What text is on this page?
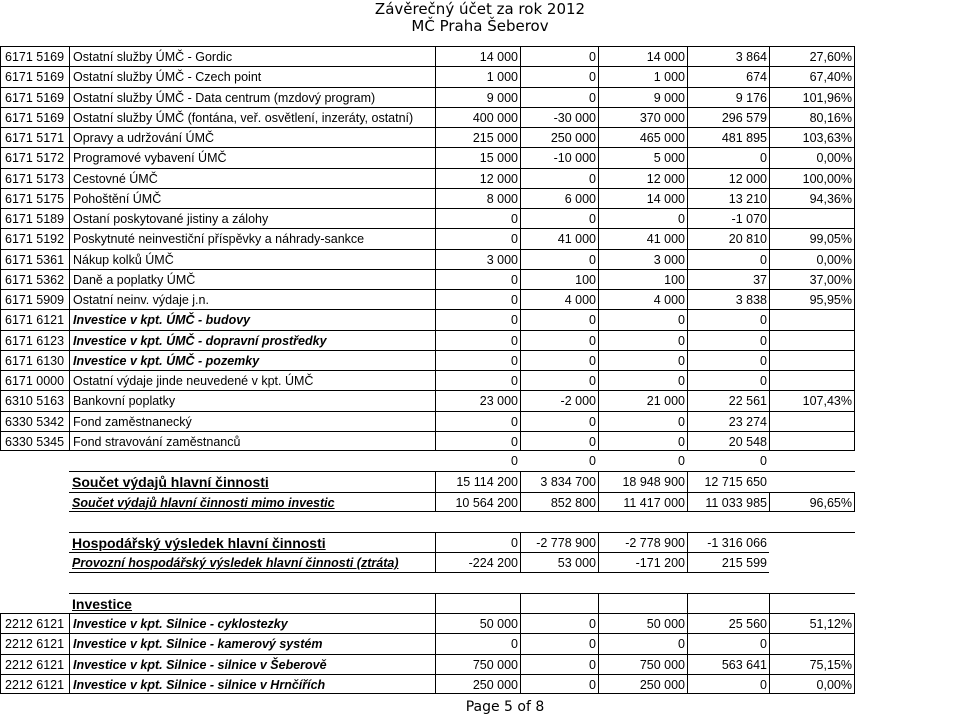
Závěrečný účet za rok 2012
MČ Praha Šeberov
6171 5169 Ostatní služby ÚMČ - Gordic	14 000	0	14 000	3 864	27,60%
6171 5169 Ostatní služby ÚMČ - Czech point	1 000	0	1 000	674	67,40%
6171 5169 Ostatní služby ÚMČ - Data centrum (mzdový program)	9 000	0	9 000	9 176	101,96%
6171 5169 Ostatní služby ÚMČ (fontána, veř. osvětlení, inzeráty, ostatní)	400 000	-30 000	370 000	296 579	80,16%
6171 5171 Opravy a udržování ÚMČ	215 000	250 000	465 000	481 895	103,63%
6171 5172 Programové vybavení ÚMČ	15 000	-10 000	5 000	0	0,00%
6171 5173 Cestovné ÚMČ	12 000	0	12 000	12 000	100,00%
6171 5175 Pohoštění ÚMČ	8 000	6 000	14 000	13 210	94,36%
6171 5189 Ostaní poskytované jistiny a zálohy	0	0	0	-1 070
6171 5192 Poskytnuté neinvestiční příspěvky a náhrady-sankce	0	41 000	41 000	20 810	99,05%
6171 5361 Nákup kolků ÚMČ	3 000	0	3 000	0	0,00%
6171 5362 Daně a poplatky ÚMČ	0	100	100	37	37,00%
6171 5909 Ostatní neinv. výdaje j.n.	0	4 000	4 000	3 838	95,95%
6171 6121 Investice v kpt. ÚMČ - budovy	0	0	0	0
6171 6123 Investice v kpt. ÚMČ - dopravní prostředky	0	0	0	0
6171 6130 Investice v kpt. ÚMČ - pozemky	0	0	0	0
6171 0000 Ostatní výdaje jinde neuvedené v kpt. ÚMČ	0	0	0	0
6310 5163 Bankovní poplatky	23 000	-2 000	21 000	22 561	107,43%
6330 5342 Fond zaměstnanecký	0	0	0	23 274
6330 5345 Fond stravování zaměstnanců	0	0	0	20 548
0	0	0	0
Součet výdajů hlavní činnosti	15 114 200	3 834 700	18 948 900	12 715 650
Součet výdajů hlavní činnosti mimo investic	10 564 200	852 800	11 417 000	11 033 985	96,65%
Hospodářský výsledek hlavní činnosti	0	-2 778 900	-2 778 900	-1 316 066
Provozní hospodářský výsledek hlavní činnosti (ztráta)	-224 200	53 000	-171 200	215 599
Investice
2212 6121 Investice v kpt. Silnice - cyklostezky	50 000	0	50 000	25 560	51,12%
2212 6121 Investice v kpt. Silnice - kamerový systém	0	0	0	0
2212 6121 Investice v kpt. Silnice - silnice v Šeberově	750 000	0	750 000	563 641	75,15%
2212 6121 Investice v kpt. Silnice - silnice v Hrnčířích	250 000	0	250 000	0	0,00%
Page 5 of 8
